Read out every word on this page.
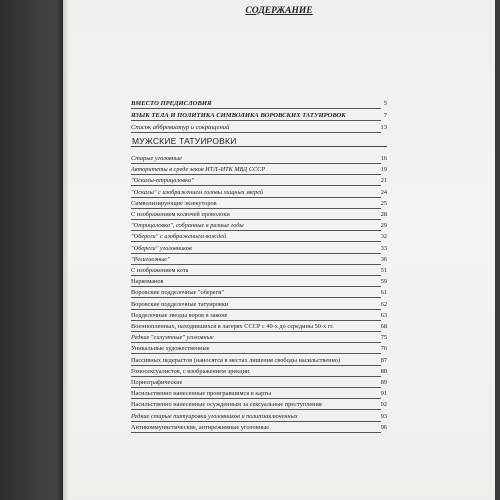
СОДЕРЖАНИЕ
ВМЕСТО ПРЕДИСЛОВИЯ	5
ЯЗЫК ТЕЛА И ПОЛИТИКА СИМВОЛИКА ВОРОВСКИХ ТАТУИРОВОК	7
Список аббревиатур и сокращений	13
МУЖСКИЕ ТАТУИРОВКИ
Старые уголовные	16
Авторитеты в среде зеков ИТЛ–ИТК МВД СССР	19
"Оскалы-отрицаловки"	21
"Оскалы" с изображением головы хищных зверей	24
Символизирующие экзекуторов	25
С изображением колючей проволоки	28
"Отрицаловка", собранные в разные годы	29
"Обереги" с изображением вождей	32
"Обереги" уголовников	33
"Религиозные"	36
С изображением кота	51
Наркоманов	59
Воровские подделочные "обереги"	61
Воровские подделочные татуировки	62
Подделочные звезды воров в законе	63
Военнопленных, находившихся в лагерях СССР с 40-х до середины 50-х гг.	68
Редкие "силуэтные" уголовные	75
Уникальные художественные	76
Пассивных педерастов (наносятся в местах лишения свободы насильственно)	87
Гомосексуалистов, с изображением эрекции	88
Порнографические	89
Насильственно нанесенные проигравшимся в карты	91
Насильственно нанесенные осужденным за сексуальные преступления	92
Редкие старые татуировки уголовников и политзаключенных	93
Антикоммунистические, антирежимные уголовные	96
